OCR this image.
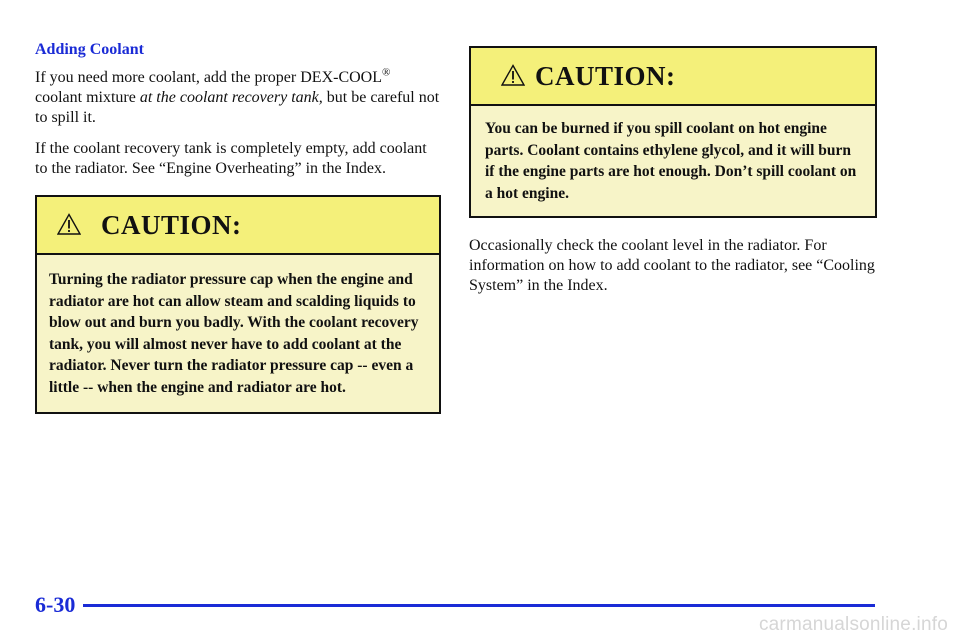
Adding Coolant

If you need more coolant, add the proper DEX-COOL® coolant mixture at the coolant recovery tank, but be careful not to spill it.

If the coolant recovery tank is completely empty, add coolant to the radiator. See “Engine Overheating” in the Index.

CAUTION:
Turning the radiator pressure cap when the engine and radiator are hot can allow steam and scalding liquids to blow out and burn you badly. With the coolant recovery tank, you will almost never have to add coolant at the radiator. Never turn the radiator pressure cap -- even a little -- when the engine and radiator are hot.
CAUTION:
You can be burned if you spill coolant on hot engine parts. Coolant contains ethylene glycol, and it will burn if the engine parts are hot enough. Don’t spill coolant on a hot engine.

Occasionally check the coolant level in the radiator. For information on how to add coolant to the radiator, see “Cooling System” in the Index.

6-30
carmanualsonline.info
